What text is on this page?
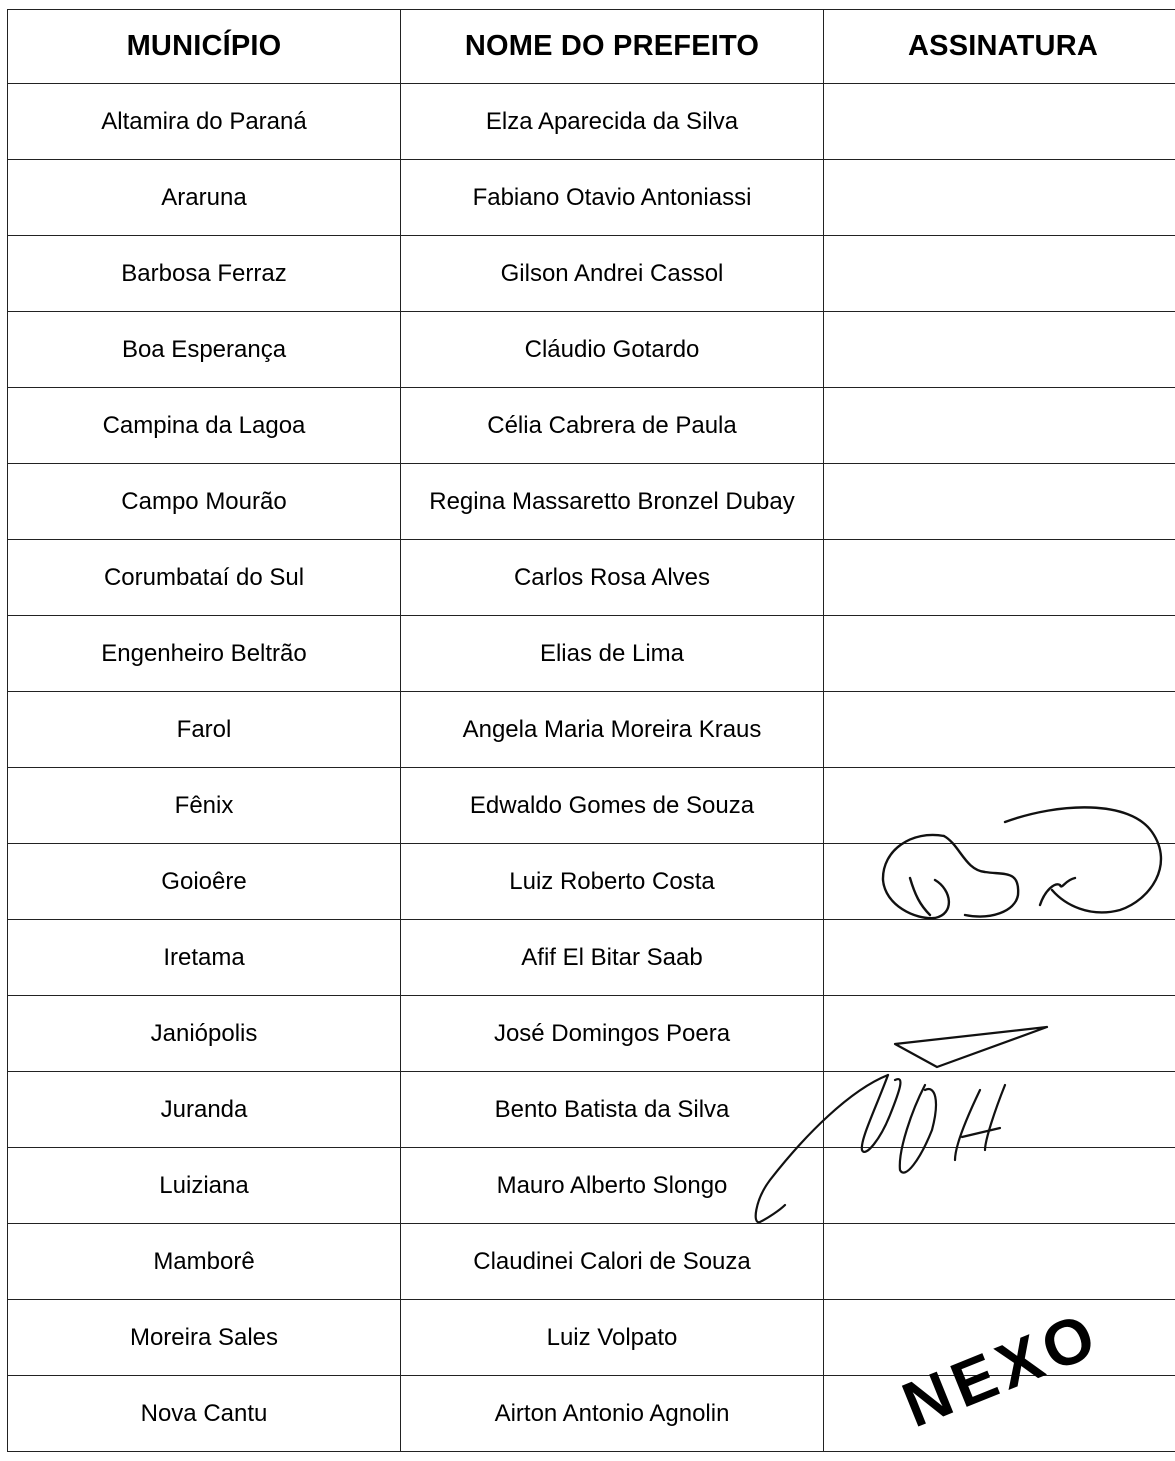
MUNICÍPIO	NOME DO PREFEITO	ASSINATURA
Altamira do Paraná	Elza Aparecida da Silva	
Araruna	Fabiano Otavio Antoniassi	
Barbosa Ferraz	Gilson Andrei Cassol	
Boa Esperança	Cláudio Gotardo	
Campina da Lagoa	Célia Cabrera de Paula	
Campo Mourão	Regina Massaretto Bronzel Dubay	
Corumbataí do Sul	Carlos Rosa Alves	
Engenheiro Beltrão	Elias de Lima	
Farol	Angela Maria Moreira Kraus	
Fênix	Edwaldo Gomes de Souza	
Goioêre	Luiz Roberto Costa	
Iretama	Afif El Bitar Saab	
Janiópolis	José Domingos Poera	
Juranda	Bento Batista da Silva	
Luiziana	Mauro Alberto Slongo	
Mamborê	Claudinei Calori de Souza	
Moreira Sales	Luiz Volpato	
Nova Cantu	Airton Antonio Agnolin		NEXO
